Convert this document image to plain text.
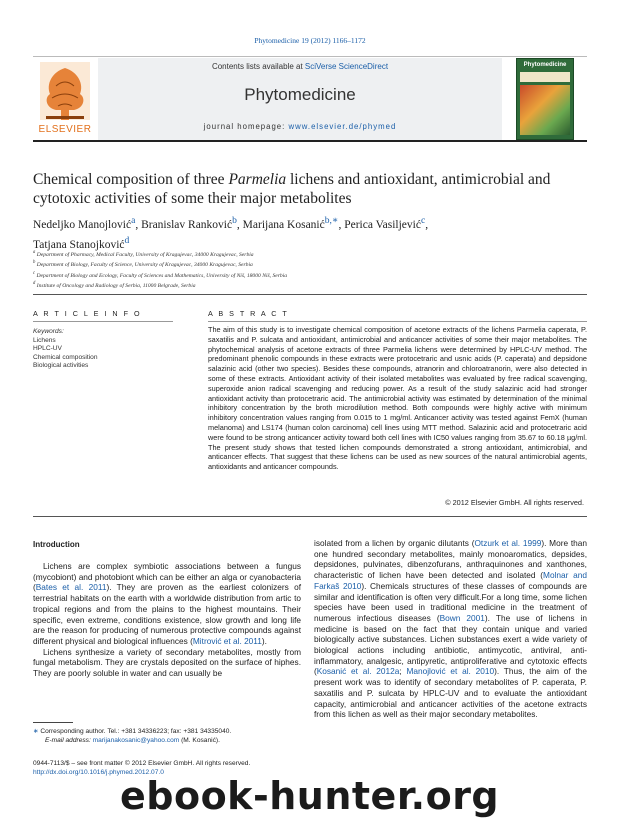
Phytomedicine 19 (2012) 1166–1172
Contents lists available at SciVerse ScienceDirect
Phytomedicine
journal homepage: www.elsevier.de/phymed
ELSEVIER
Phytomedicine
Chemical composition of three Parmelia lichens and antioxidant, antimicrobial and cytotoxic activities of some their major metabolites
Nedeljko Manojlović$^a$, Branislav Ranković$^b$, Marijana Kosanić$^{b,∗}$, Perica Vasiljević$^c$,
Tatjana Stanojković$^d$
$^a$ Department of Pharmacy, Medical Faculty, University of Kragujevac, 34000 Kragujevac, Serbia
$^b$ Department of Biology, Faculty of Science, University of Kragujevac, 34000 Kragujevac, Serbia
$^c$ Department of Biology and Ecology, Faculty of Sciences and Mathematics, University of Niš, 18000 Niš, Serbia
$^d$ Institute of Oncology and Radiology of Serbia, 11000 Belgrade, Serbia
A R T I C L E I N F O	A B S T R A C T
Keywords:
Lichens
HPLC-UV
Chemical composition
Biological activities
The aim of this study is to investigate chemical composition of acetone extracts of the lichens Parmelia caperata, P. saxatilis and P. sulcata and antioxidant, antimicrobial and anticancer activities of some their major metabolites. The phytochemical analysis of acetone extracts of three Parmelia lichens were determined by HPLC-UV method. The predominant phenolic compounds in these extracts were protocetraric and usnic acids (P. caperata) and depsidone salazinic acid (other two species). Besides these compounds, atranorin and chloroatranorin, were also detected in some of these extracts. Antioxidant activity of their isolated metabolites was evaluated by free radical scavenging, superoxide anion radical scavenging and reducing power. As a result of the study salazinic acid had stronger antioxidant activity than protocetraric acid. The antimicrobial activity was estimated by determination of the minimal inhibitory concentration by the broth microdilution method. Both compounds were highly active with minimum inhibitory concentration values ranging from 0.015 to 1 mg/ml. Anticancer activity was tested against FemX (human melanoma) and LS174 (human colon carcinoma) cell lines using MTT method. Salazinic acid and protocetraric acid were found to be strong anticancer activity toward both cell lines with IC50 values ranging from 35.67 to 60.18 µg/ml. The present study shows that tested lichen compounds demonstrated a strong antioxidant, antimicrobial, and anticancer effects. That suggest that these lichens can be used as new sources of the natural antimicrobial agents, antioxidants and anticancer compounds.
© 2012 Elsevier GmbH. All rights reserved.
Introduction

Lichens are complex symbiotic associations between a fungus (mycobiont) and photobiont which can be either an alga or cyanobacteria (Bates et al. 2011). They are proven as the earliest colonizers of terrestrial habitats on the earth with a worldwide distribution from artic to tropical regions and from the plains to the highest mountains. Their specific, even extreme, conditions existence, slow growth and long life are the reason for producing of numerous protective compounds against different physical and biological influences (Mitrović et al. 2011).

Lichens synthesize a variety of secondary metabolites, mostly from fungal metabolism. They are crystals deposited on the surface of hiphes. They are poorly soluble in water and can usually be

isolated from a lichen by organic dilutants (Otzurk et al. 1999). More than one hundred secondary metabolites, mainly monoaromatics, depsides, depsidones, pulvinates, dibenzofurans, anthraquinones and xanthones, characteristic of lichen have been detected and isolated (Molnar and Farkaš 2010). Chemicals structures of these classes of compounds are similar and identification is often very difficult.For a long time, some lichen species have been used in traditional medicine in the treatment of numerous infectious diseases (Bown 2001). The use of lichens in medicine is based on the fact that they contain unique and varied biologically active substances. Lichen substances exert a wide variety of biological actions including antibiotic, antimycotic, antiviral, anti-inflammatory, analgesic, antipyretic, antiproliferative and cytotoxic effects (Kosanić et al. 2012a; Manojlović et al. 2010). Thus, the aim of the present work was to identify of secondary metabolites of P. caperata, P. saxatilis and P. sulcata by HPLC-UV and to evaluate the antioxidant capacity, antimicrobial and anticancer activities of the acetone extracts from this lichen as well as their major secondary metabolites.

∗ Corresponding author. Tel.: +381 34336223; fax: +381 34335040.
E-mail address: marijanakosanic@yahoo.com (M. Kosanić).
0944-7113/$ – see front matter © 2012 Elsevier GmbH. All rights reserved.
http://dx.doi.org/10.1016/j.phymed.2012.07.0
ebook-hunter.org
